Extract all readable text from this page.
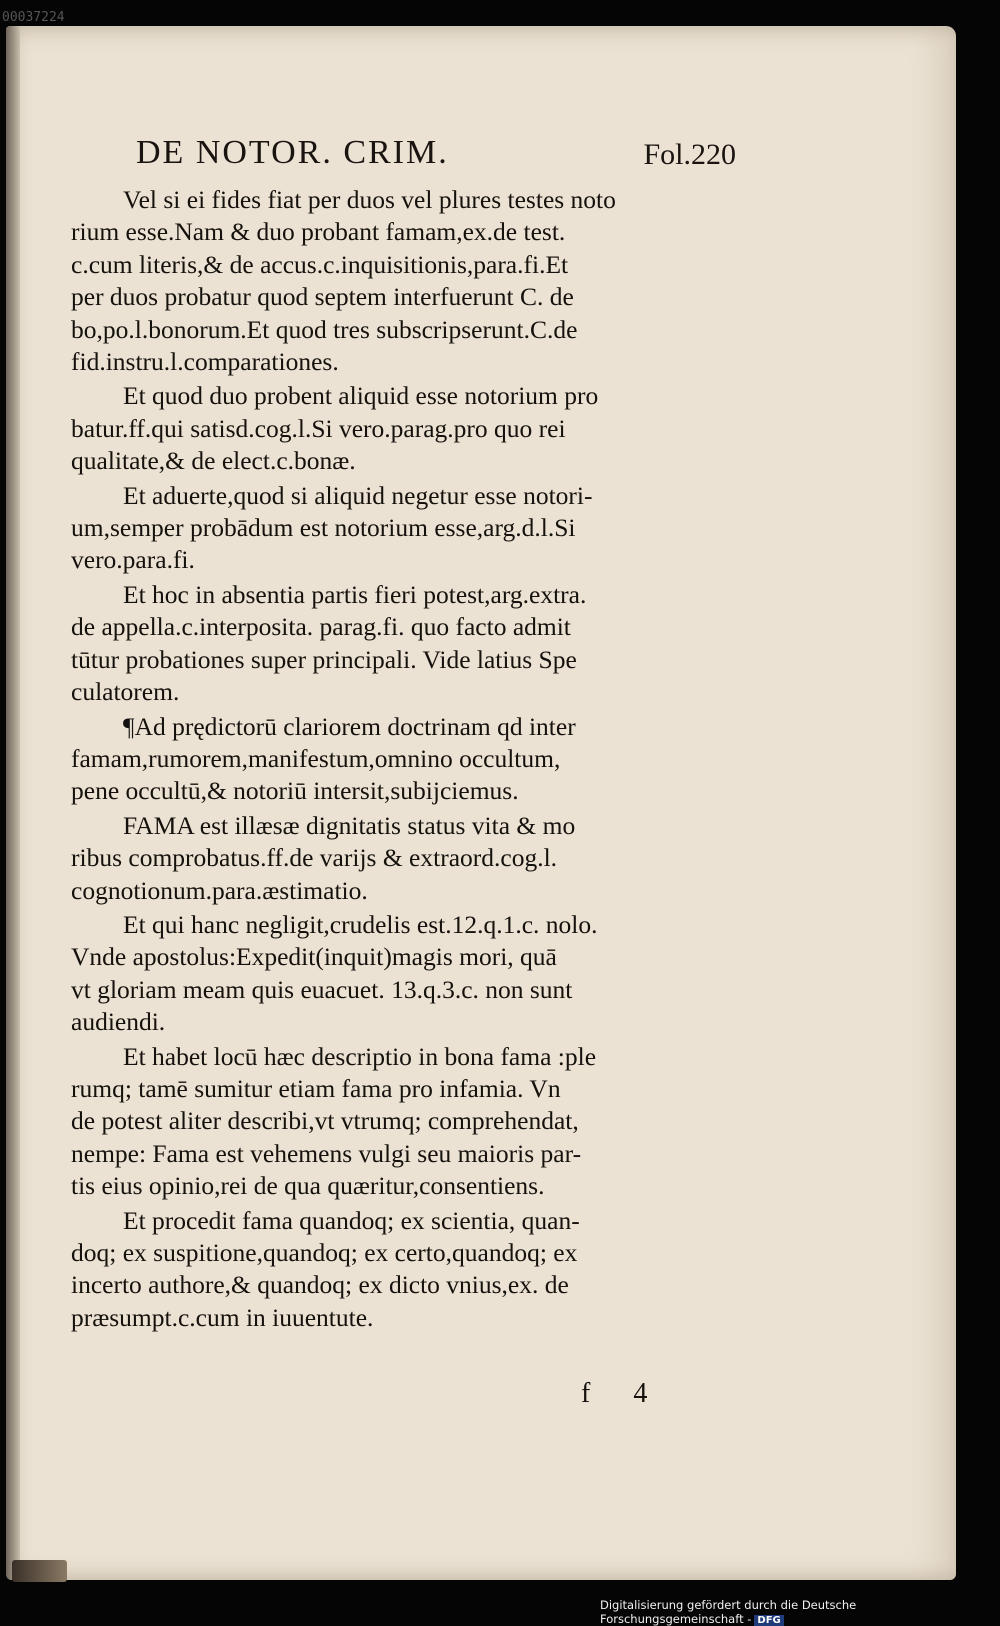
00037224
DE NOTOR. CRIM.	Fol.220
Vel si ei fides fiat per duos vel plures testes noto
rium esse.Nam & duo probant famam,ex.de test.
c.cum literis,& de accus.c.inquisitionis,para.fi.Et
per duos probatur quod septem interfuerunt C. de
bo,po.l.bonorum.Et quod tres subscripserunt.C.de
fid.instru.l.comparationes.
Et quod duo probent aliquid esse notorium pro
batur.ff.qui satisd.cog.l.Si vero.parag.pro quo rei
qualitate,& de elect.c.bonæ.
Et aduerte,quod si aliquid negetur esse notori-
um,semper probādum est notorium esse,arg.d.l.Si
vero.para.fi.
Et hoc in absentia partis fieri potest,arg.extra.
de appella.c.interposita. parag.fi. quo facto admit
tūtur probationes super principali. Vide latius Spe
culatorem.
¶Ad prędictorū clariorem doctrinam qd inter
famam,rumorem,manifestum,omnino occultum,
pene occultū,& notoriū intersit,subijciemus.
FAMA est illæsæ dignitatis status vita & mo
ribus comprobatus.ff.de varijs & extraord.cog.l.
cognotionum.para.æstimatio.
Et qui hanc negligit,crudelis est.12.q.1.c. nolo.
Vnde apostolus:Expedit(inquit)magis mori, quā
vt gloriam meam quis euacuet. 13.q.3.c. non sunt
audiendi.
Et habet locū hæc descriptio in bona fama :ple
rumq; tamē sumitur etiam fama pro infamia. Vn
de potest aliter describi,vt vtrumq; comprehendat,
nempe: Fama est vehemens vulgi seu maioris par-
tis eius opinio,rei de qua quæritur,consentiens.
Et procedit fama quandoq; ex scientia, quan-
doq; ex suspitione,quandoq; ex certo,quandoq; ex
incerto authore,& quandoq; ex dicto vnius,ex. de
præsumpt.c.cum in iuuentute.
f 4
Digitalisierung gefördert durch die Deutsche Forschungsgemeinschaft - DFG
